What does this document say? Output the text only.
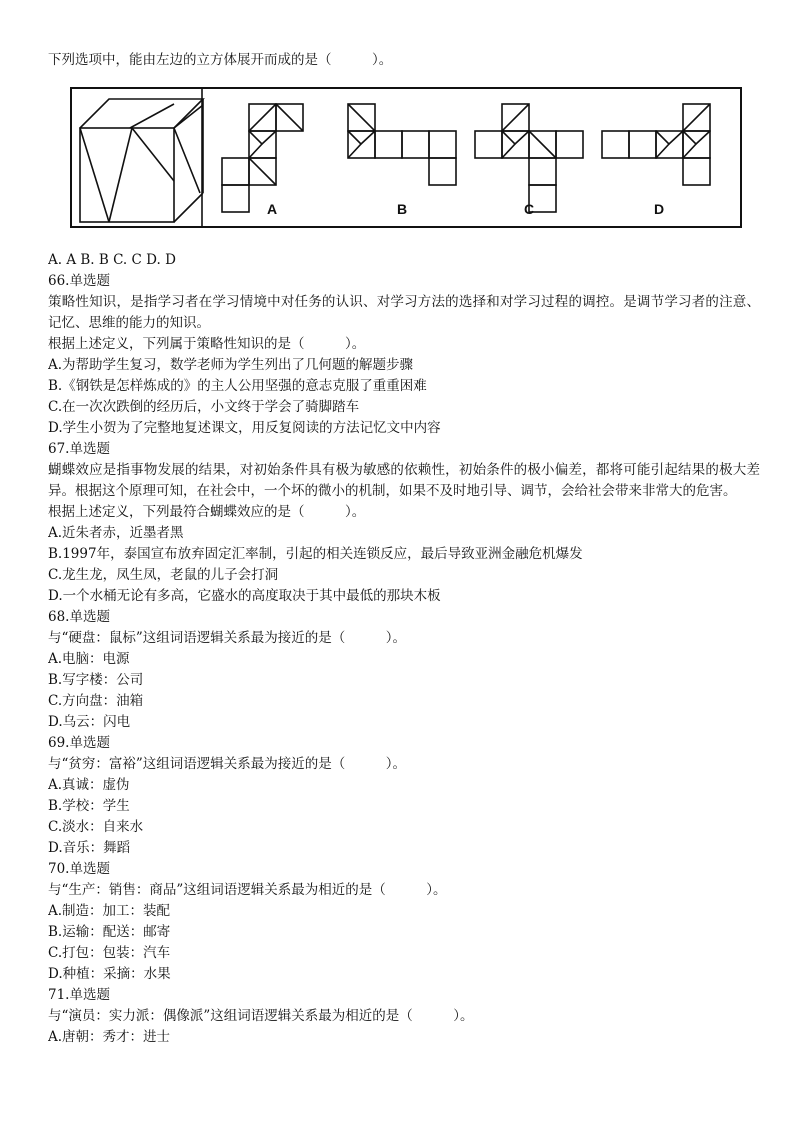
下列选项中，能由左边的立方体展开而成的是（　　　）。
A	B	C	D
A. A B. B C. C D. D
66.单选题
策略性知识，是指学习者在学习情境中对任务的认识、对学习方法的选择和对学习过程的调控。是调节学习者的注意、记忆、思维的能力的知识。
根据上述定义，下列属于策略性知识的是（　　　）。
A.为帮助学生复习，数学老师为学生列出了几何题的解题步骤
B.《钢铁是怎样炼成的》的主人公用坚强的意志克服了重重困难
C.在一次次跌倒的经历后，小文终于学会了骑脚踏车
D.学生小贺为了完整地复述课文，用反复阅读的方法记忆文中内容
67.单选题
蝴蝶效应是指事物发展的结果，对初始条件具有极为敏感的依赖性，初始条件的极小偏差，都将可能引起结果的极大差异。根据这个原理可知，在社会中，一个坏的微小的机制，如果不及时地引导、调节，会给社会带来非常大的危害。
根据上述定义，下列最符合蝴蝶效应的是（　　　）。
A.近朱者赤，近墨者黑
B.1997年，泰国宣布放弃固定汇率制，引起的相关连锁反应，最后导致亚洲金融危机爆发
C.龙生龙，凤生凤，老鼠的儿子会打洞
D.一个水桶无论有多高，它盛水的高度取决于其中最低的那块木板
68.单选题
与“硬盘：鼠标”这组词语逻辑关系最为接近的是（　　　）。
A.电脑：电源
B.写字楼：公司
C.方向盘：油箱
D.乌云：闪电
69.单选题
与“贫穷：富裕”这组词语逻辑关系最为接近的是（　　　）。
A.真诚：虚伪
B.学校：学生
C.淡水：自来水
D.音乐：舞蹈
70.单选题
与“生产：销售：商品”这组词语逻辑关系最为相近的是（　　　）。
A.制造：加工：装配
B.运输：配送：邮寄
C.打包：包装：汽车
D.种植：采摘：水果
71.单选题
与“演员：实力派：偶像派”这组词语逻辑关系最为相近的是（　　　）。
A.唐朝：秀才：进士
